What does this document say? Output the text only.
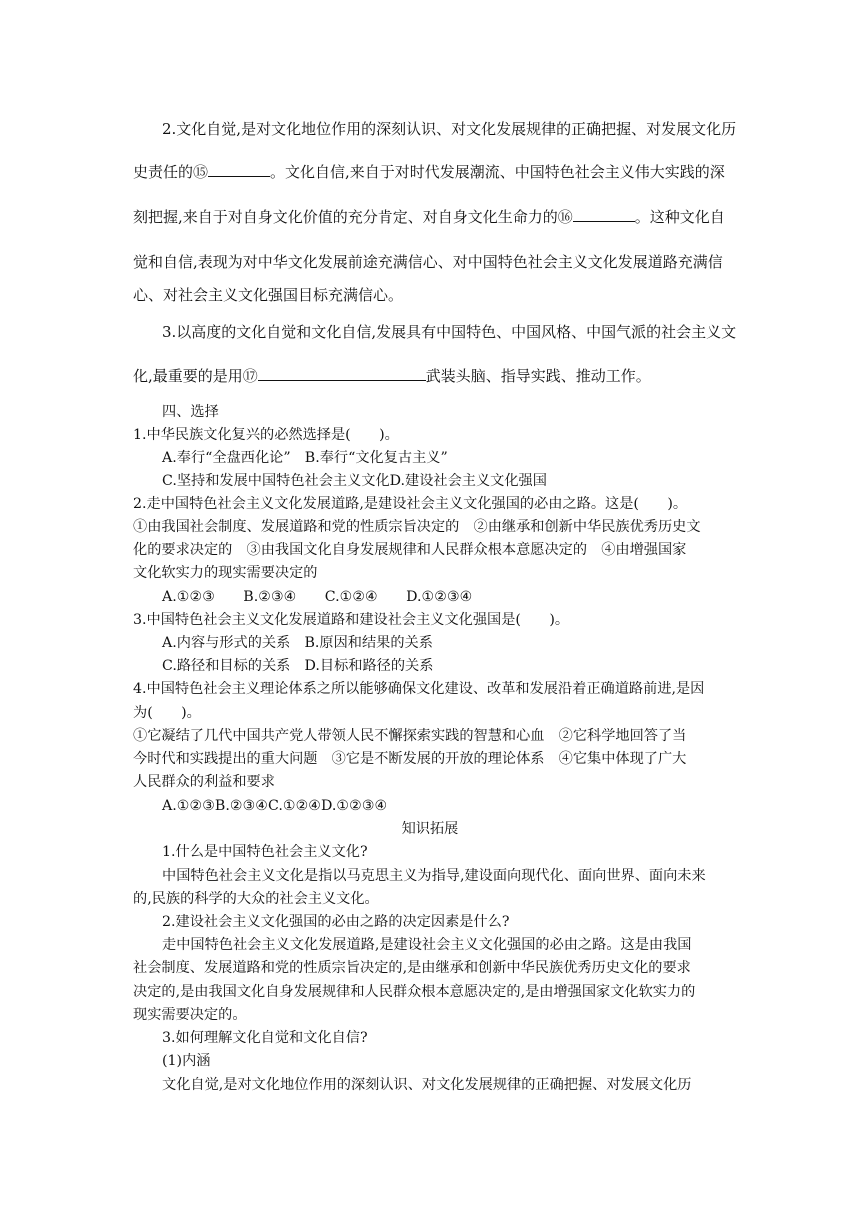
2.文化自觉,是对文化地位作用的深刻认识、对文化发展规律的正确把握、对发展文化历
史责任的⑮	。文化自信,来自于对时代发展潮流、中国特色社会主义伟大实践的深
刻把握,来自于对自身文化价值的充分肯定、对自身文化生命力的⑯	。这种文化自
觉和自信,表现为对中华文化发展前途充满信心、对中国特色社会主义文化发展道路充满信
心、对社会主义文化强国目标充满信心。
3.以高度的文化自觉和文化自信,发展具有中国特色、中国风格、中国气派的社会主义文
化,最重要的是用⑰	武装头脑、指导实践、推动工作。
四、选择
1.中华民族文化复兴的必然选择是(　　)。
A.奉行“全盘西化论”　B.奉行“文化复古主义”
C.坚持和发展中国特色社会主义文化D.建设社会主义文化强国
2.走中国特色社会主义文化发展道路,是建设社会主义文化强国的必由之路。这是(　　)。
①由我国社会制度、发展道路和党的性质宗旨决定的　②由继承和创新中华民族优秀历史文
化的要求决定的　③由我国文化自身发展规律和人民群众根本意愿决定的　④由增强国家
文化软实力的现实需要决定的
A.①②③　　B.②③④　　C.①②④　　D.①②③④
3.中国特色社会主义文化发展道路和建设社会主义文化强国是(　　)。
A.内容与形式的关系　B.原因和结果的关系
C.路径和目标的关系　D.目标和路径的关系
4.中国特色社会主义理论体系之所以能够确保文化建设、改革和发展沿着正确道路前进,是因
为(　　)。
①它凝结了几代中国共产党人带领人民不懈探索实践的智慧和心血　②它科学地回答了当
今时代和实践提出的重大问题　③它是不断发展的开放的理论体系　④它集中体现了广大
人民群众的利益和要求
A.①②③B.②③④C.①②④D.①②③④
知识拓展
1.什么是中国特色社会主义文化?
中国特色社会主义文化是指以马克思主义为指导,建设面向现代化、面向世界、面向未来
的,民族的科学的大众的社会主义文化。
2.建设社会主义文化强国的必由之路的决定因素是什么?
走中国特色社会主义文化发展道路,是建设社会主义文化强国的必由之路。这是由我国
社会制度、发展道路和党的性质宗旨决定的,是由继承和创新中华民族优秀历史文化的要求
决定的,是由我国文化自身发展规律和人民群众根本意愿决定的,是由增强国家文化软实力的
现实需要决定的。
3.如何理解文化自觉和文化自信?
(1)内涵
文化自觉,是对文化地位作用的深刻认识、对文化发展规律的正确把握、对发展文化历
